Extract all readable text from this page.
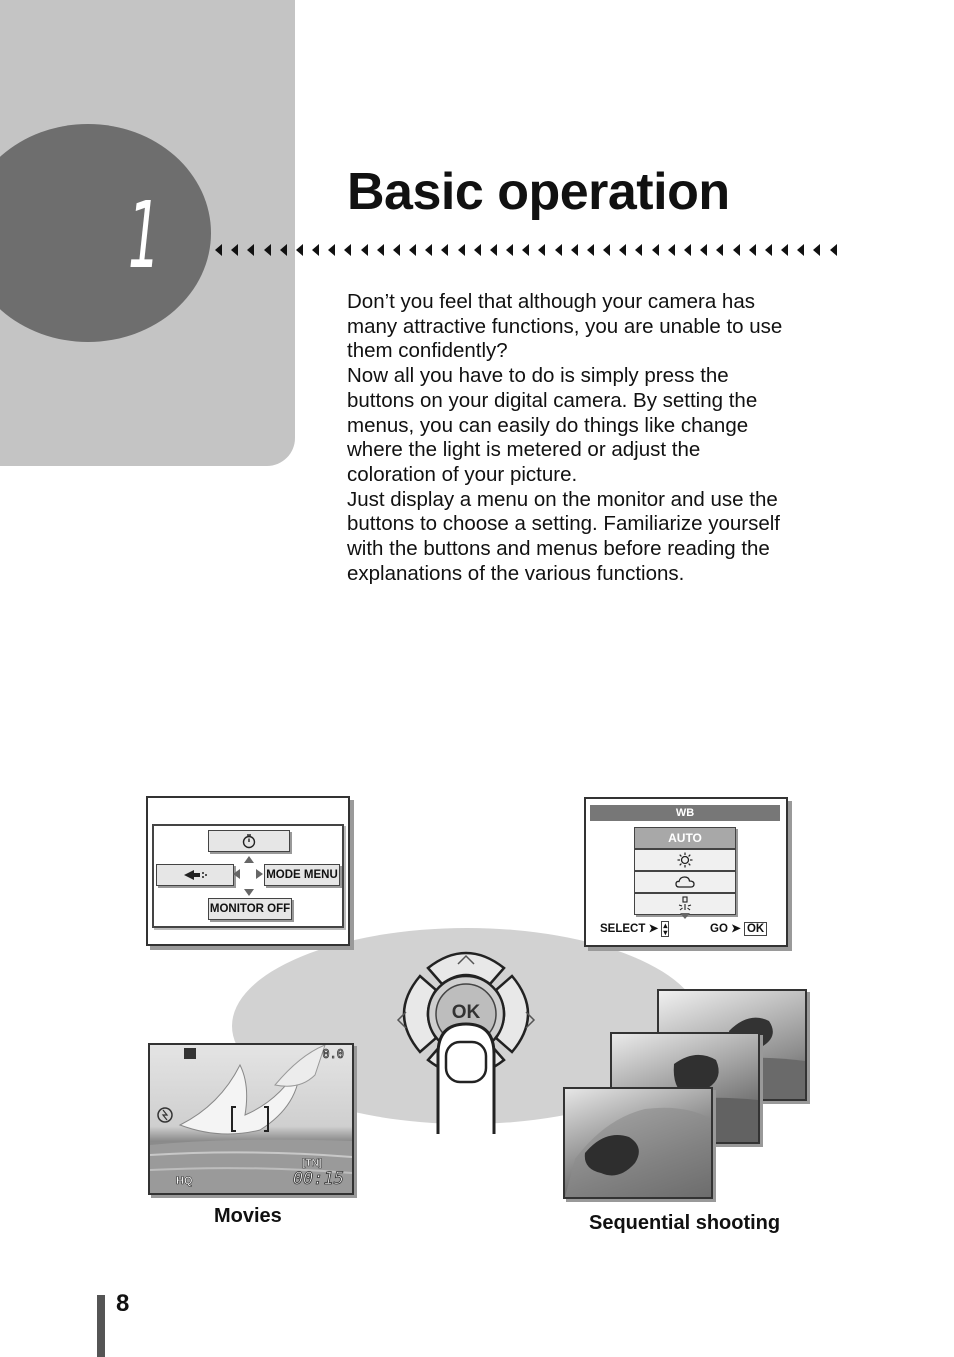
1	Basic operation

Don’t you feel that although your camera has many attractive functions, you are unable to use them confidently?

Now all you have to do is simply press the buttons on your digital camera. By setting the menus, you can easily do things like change where the light is metered or adjust the coloration of your picture.

Just display a menu on the monitor and use the buttons to choose a setting. Familiarize yourself with the buttons and menus before reading the explanations of the various functions.

MODE MENU
MONITOR OFF
WB
AUTO
SELECT ➤ ▴
▾	GO ➤ OK
OK
0.0
HQ
[TN]
00:15

Movies	Sequential shooting

8
